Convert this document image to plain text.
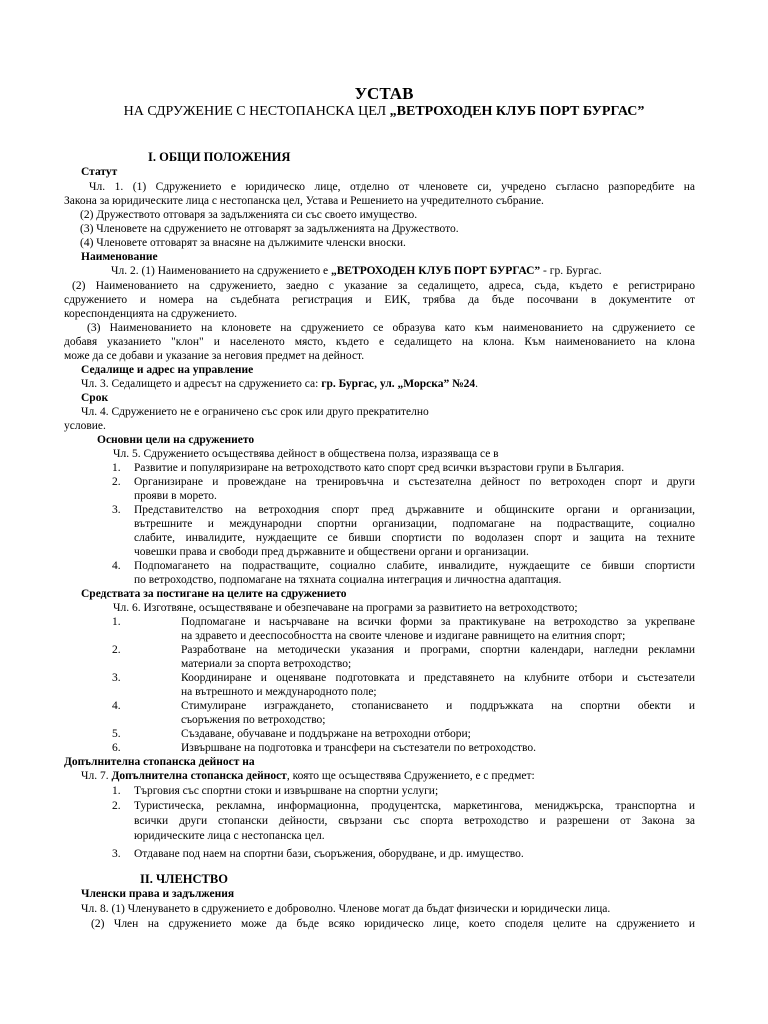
УСТАВ
НА СДРУЖЕНИЕ С НЕСТОПАНСКА ЦЕЛ „ВЕТРОХОДЕН КЛУБ ПОРТ БУРГАС”
I. ОБЩИ ПОЛОЖЕНИЯ
Статут
Чл. 1. (1) Сдружението е юридическо лице, отделно от членовете си, учредено съгласно разпоредбите на
Закона за юридическите лица с нестопанска цел, Устава и Решението на учредителното събрание.
(2) Дружеството отговаря за задълженията си със своето имущество.
(3) Членовете на сдружението не отговарят за задълженията на Дружеството.
(4) Членовете отговарят за внасяне на дължимите членски вноски.
Наименование
Чл. 2. (1) Наименованието на сдружението е „ВЕТРОХОДЕН КЛУБ ПОРТ БУРГАС” - гр. Бургас.
(2) Наименованието на сдружението, заедно с указание за седалището, адреса, съда, където е регистрирано
сдружението и номера на съдебната регистрация и ЕИК, трябва да бъде посочвани в документите от
кореспонденцията на сдружението.
(3) Наименованието на клоновете на сдружението се образува като към наименованието на сдружението се
добавя указанието "клон" и населеното място, където е седалището на клона. Към наименованието на клона
може да се добави и указание за неговия предмет на дейност.
Седалище и адрес на управление
Чл. 3. Седалището и адресът на сдружението са: гр. Бургас, ул. „Морска” №24.
Срок
Чл. 4. Сдружението не е ограничено със срок или друго прекратително
условие.
Основни цели на сдружението
Чл. 5. Сдружението осъществява дейност в обществена полза, изразяваща се в
1. Развитие и популяризиране на ветроходството като спорт сред всички възрастови групи в България.
2. Организиране и провеждане на тренировъчна и състезателна дейност по ветроходен спорт и други
прояви в морето.
3. Представителство на ветроходния спорт пред държавните и общинските органи и организации,
вътрешните и международни спортни организации, подпомагане на подрастващите, социално
слабите, инвалидите, нуждаещите се бивши спортисти по водолазен спорт и защита на техните
човешки права и свободи пред държавните и обществени органи и организации.
4. Подпомагането на подрастващите, социално слабите, инвалидите, нуждаещите се бивши спортисти
по ветроходство, подпомагане на тяхната социална интеграция и личностна адаптация.
Средствата за постигане на целите на сдружението
Чл. 6. Изготвяне, осъществяване и обезпечаване на програми за развитието на ветроходството;
1.	Подпомагане и насърчаване на всички форми за практикуване на ветроходство за укрепване
на здравето и дееспособността на своите членове и издигане равнището на елитния спорт;
2.	Разработване на методически указания и програми, спортни календари, нагледни рекламни
материали за спорта ветроходство;
3.	Координиране и оценяване подготовката и представянето на клубните отбори и състезатели
на вътрешното и международното поле;
4.	Стимулиране изграждането, стопанисването и поддръжката на спортни обекти и
съоръжения по ветроходство;
5.	Създаване, обучаване и поддържане на ветроходни отбори;
6.	Извършване на подготовка и трансфери на състезатели по ветроходство.
Допълнителна стопанска дейност на
Чл. 7. Допълнителна стопанска дейност, която ще осъществява Сдружението, е с предмет:
1. Търговия със спортни стоки и извършване на спортни услуги;
2. Туристическа, рекламна, информационна, продуцентска, маркетингова, мениджърска, транспортна и
всички други стопански дейности, свързани със спорта ветроходство и разрешени от Закона за
юридическите лица с нестопанска цел.
3. Отдаване под наем на спортни бази, съоръжения, оборудване, и др. имущество.
II. ЧЛЕНСТВО
Членски права и задължения
Чл. 8. (1) Членуването в сдружението е доброволно. Членове могат да бъдат физически и юридически лица.
(2) Член на сдружението може да бъде всяко юридическо лице, което споделя целите на сдружението и
